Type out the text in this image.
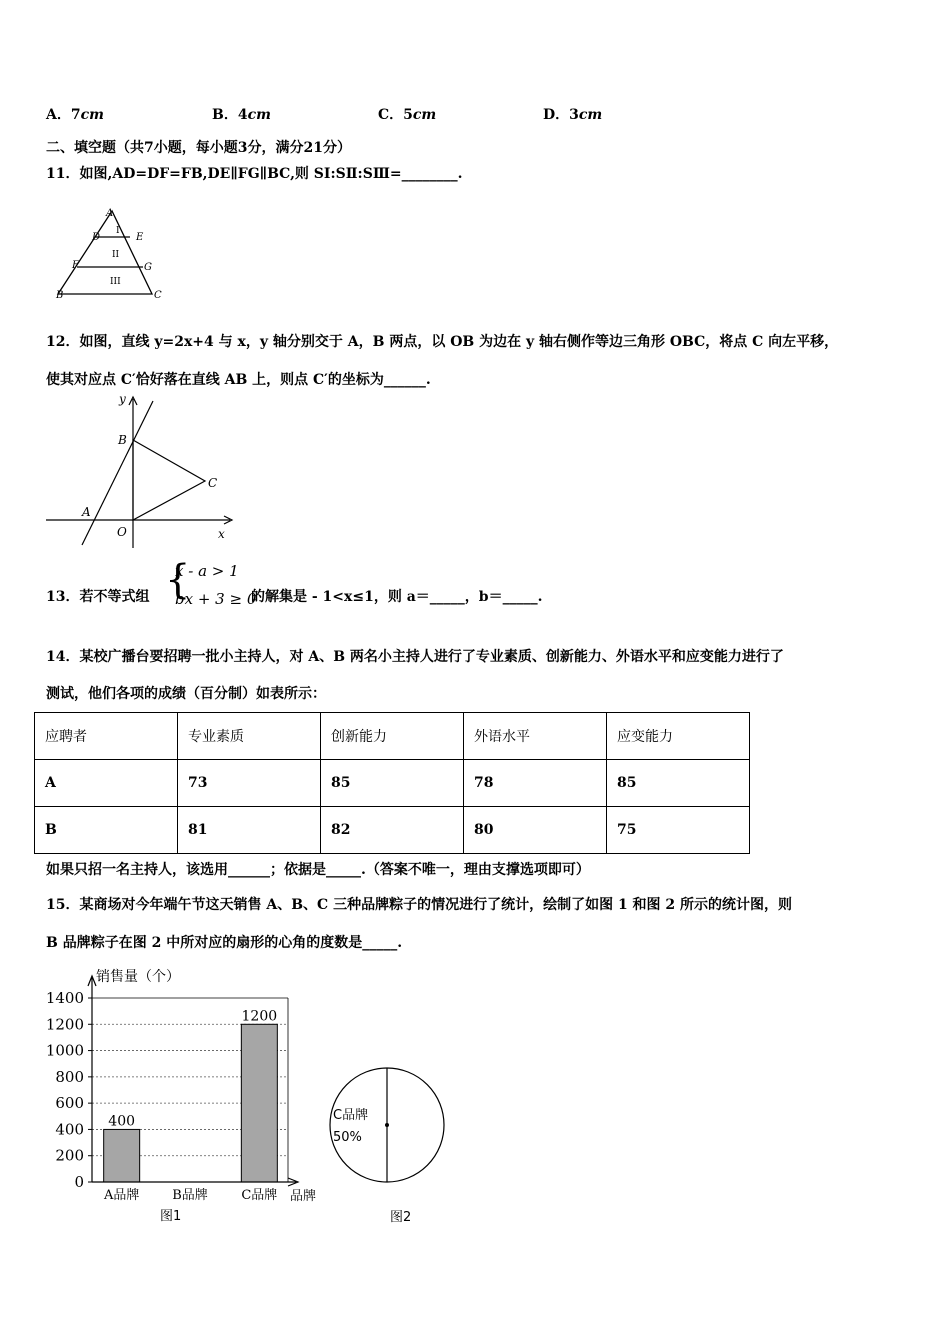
A．7cm	B．4cm	C．5cm	D．3cm
二、填空题（共7小题，每小题3分，满分21分）
11．如图,AD=DF=FB,DE∥FG∥BC,则 SⅠ:SⅡ:SⅢ=________.
A
D	E
F	G
B	C
I
II
III
12．如图，直线 y=2x+4 与 x，y 轴分别交于 A，B 两点，以 OB 为边在 y 轴右侧作等边三角形 OBC，将点 C 向左平移，
使其对应点 C′恰好落在直线 AB 上，则点 C′的坐标为______.
y
x
B
A
O
C
13．若不等式组 {
x - a > 1
bx + 3 ≥ 0
的解集是 - 1<x≤1，则 a＝_____，b＝_____.
14．某校广播台要招聘一批小主持人，对 A、B 两名小主持人进行了专业素质、创新能力、外语水平和应变能力进行了
测试，他们各项的成绩（百分制）如表所示：
应聘者	专业素质	创新能力	外语水平	应变能力
A	73	85	78	85
B	81	82	80	75
如果只招一名主持人，该选用______；依据是_____.（答案不唯一，理由支撑选项即可）
15．某商场对今年端午节这天销售 A、B、C 三种品牌粽子的情况进行了统计，绘制了如图 1 和图 2 所示的统计图，则
B 品牌粽子在图 2 中所对应的扇形的心角的度数是_____.
0
200
400
600
800
1000
1200
1400
400
A品牌	B品牌
1200
C品牌
销售量（个）
品牌
图1
C品牌
50%
图2
